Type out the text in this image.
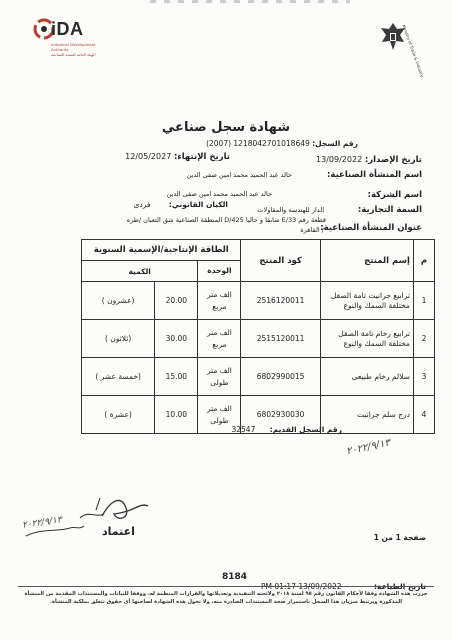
iDA
Industrial Development Authority
الهيئة العامة للتنمية الصناعية	Ministry of Trade & Industry
شهادة سجل صناعي
رقم السجل: 1218042701018649 (2007)
تاريخ الإصدار: 13/09/2022
تاريخ الإنتهاء: 12/05/2027
اسم المنشأة الصناعية:
خالد عبد الحميد محمد امين صفى الدين
اسم الشركة:
خالد عبد الحميد محمد امين صفى الدين
الكيان القانوني: فردى
السمة التجارية:
الدار للهندسه والمقاولات
قطعة رقم E/33 سابقا و حاليا D/425 المنطقة الصناعية شق الثعبان /طره
عنوان المنشأة الصناعية:
/ القاهرة
م	إسم المنتج	كود المنتج	الطاقة الإنتاجية/الإسمية السنوية		
			الوحدة	الكمية	
1	ترابيع جرانيت تامة الصقل مختلفة السمك والنوع	2516120011	الف متر مربع	20.00	(عشرون )
2	ترابيع رخام تامة الصقل مختلفة السمك والنوع	2515120011	الف متر مربع	30.00	(ثلاثون )
3	سلالم رخام طبيعى	6802990015	الف متر طولى	15.00	(خمسة عشر )
4	درج سلم جرانيت	6802930030	الف متر طولى	10.00	(عشرة )
رقم السجل القديم: 32547
٢٠٢٢/٩/١٣
٢٠٢٢/٩/١٣
اعتماد	صفحة 1 من 1
8184
حررت هذه الشهادة وفقا لأحكام القانون رقم ٩٥ لسنة ٢٠١٨ ولائحته التنفيذية وتعديلاتها والقرارات المنظمة له، ووفقا للبيانات والمستندات المقدمة من المنشأة المذكورة ويرتبط سريان هذا السجل باستمرار صحة المستندات الصادرة منه، ولا تخول هذه الشهادة لصاحبها أى حقوق تتعلق بملكية المنشأة.
